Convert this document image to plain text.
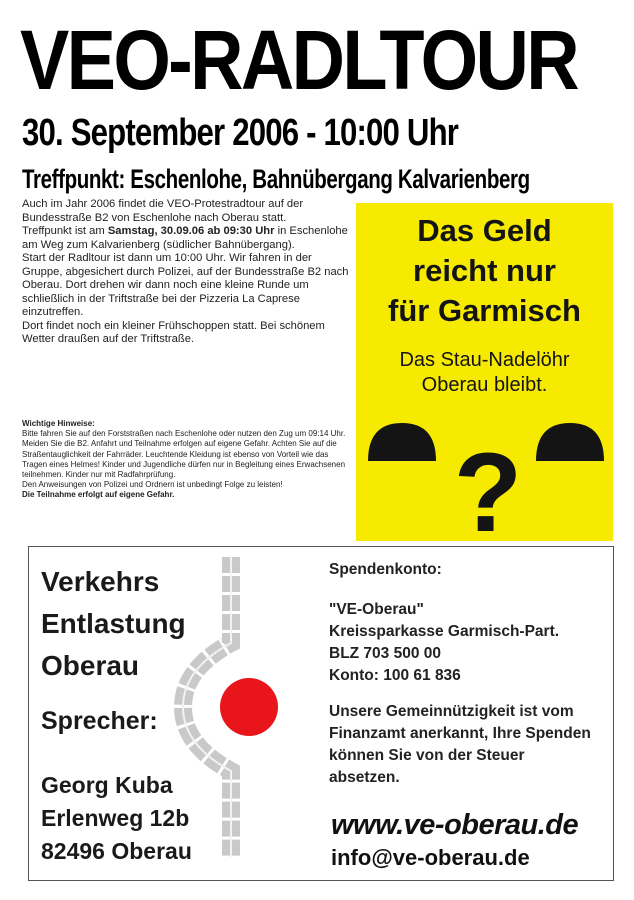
VEO-RADLTOUR
30. September 2006 - 10:00 Uhr
Treffpunkt: Eschenlohe, Bahnübergang Kalvarienberg

Auch im Jahr 2006 findet die VEO-Protestradtour auf der Bundesstraße B2 von Eschenlohe nach Oberau statt.

Treffpunkt ist am Samstag, 30.09.06 ab 09:30 Uhr in Eschenlohe am Weg zum Kalvarienberg (südlicher Bahnübergang).

Start der Radltour ist dann um 10:00 Uhr. Wir fahren in der Gruppe, abgesichert durch Polizei, auf der Bundesstraße B2 nach Oberau. Dort drehen wir dann noch eine kleine Runde um schließlich in der Triftstraße bei der Pizzeria La Caprese einzutreffen.

Dort findet noch ein kleiner Frühschoppen statt. Bei schönem Wetter draußen auf der Triftstraße.

Wichtige Hinweise:

Bitte fahren Sie auf den Forststraßen nach Eschenlohe oder nutzen den Zug um 09:14 Uhr. Meiden Sie die B2. Anfahrt und Teilnahme erfolgen auf eigene Gefahr. Achten Sie auf die Straßentauglichkeit der Fahrräder. Leuchtende Kleidung ist ebenso von Vorteil wie das Tragen eines Helmes! Kinder und Jugendliche dürfen nur in Begleitung eines Erwachsenen teilnehmen. Kinder nur mit Radfahrprüfung.

Den Anweisungen von Polizei und Ordnern ist unbedingt Folge zu leisten!

Die Teilnahme erfolgt auf eigene Gefahr.

Das Geld
reicht nur
für Garmisch
Das Stau-Nadelöhr
Oberau bleibt.
?
Verkehrs
Entlastung
Oberau
Sprecher:
Georg Kuba
Erlenweg 12b
82496 Oberau

Spendenkonto:

"VE-Oberau"

Kreissparkasse Garmisch-Part.

BLZ 703 500 00

Konto: 100 61 836

Unsere Gemeinnützigkeit ist vom Finanzamt anerkannt, Ihre Spenden können Sie von der Steuer absetzen.

www.ve-oberau.de
info@ve-oberau.de
